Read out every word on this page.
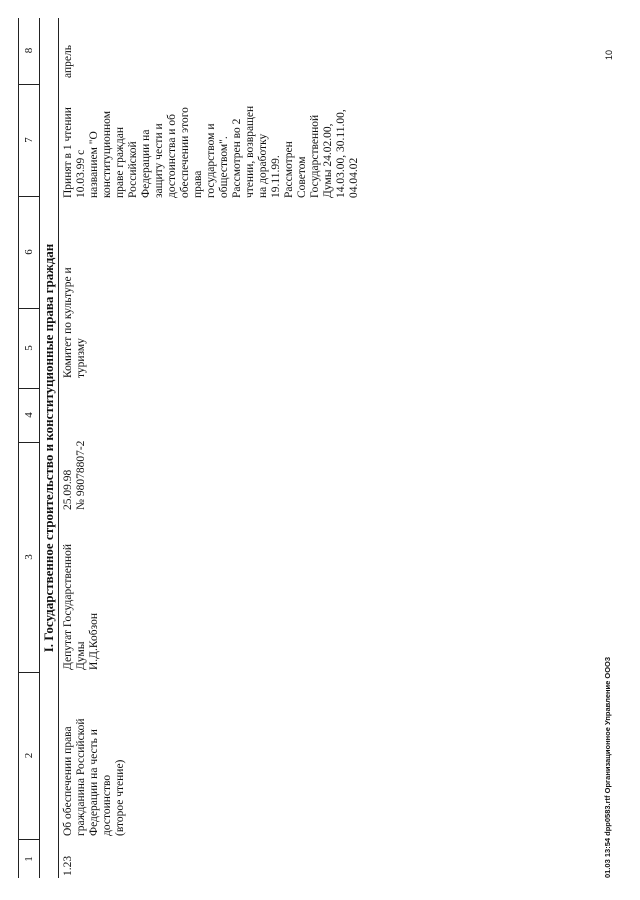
1
2
3
4
5
6
7
8
I. Государственное строительство и конституционные права граждан
1.23
Об обеспечении права
гражданина Российской
Федерации на честь и
достоинство
(второе чтение)
Депутат Государственной
Думы
И.Д.Кобзон
25.09.98
№ 98078807-2
Комитет по культуре и
туризму
Принят в 1 чтении
10.03.99 с
названием "О
конституционном
праве граждан
Российской
Федерации на
защиту чести и
достоинства и об
обеспечении этого
права
государством и
обществом".
Рассмотрен во 2
чтении, возвращен
на доработку
19.11.99.
Рассмотрен
Советом
Государственной
Думы 24.02.00,
14.03.00, 30.11.00,
04.04.02
апрель
01.03 13:54 dpp0583.rtf Организационное Управление ООО3
10
